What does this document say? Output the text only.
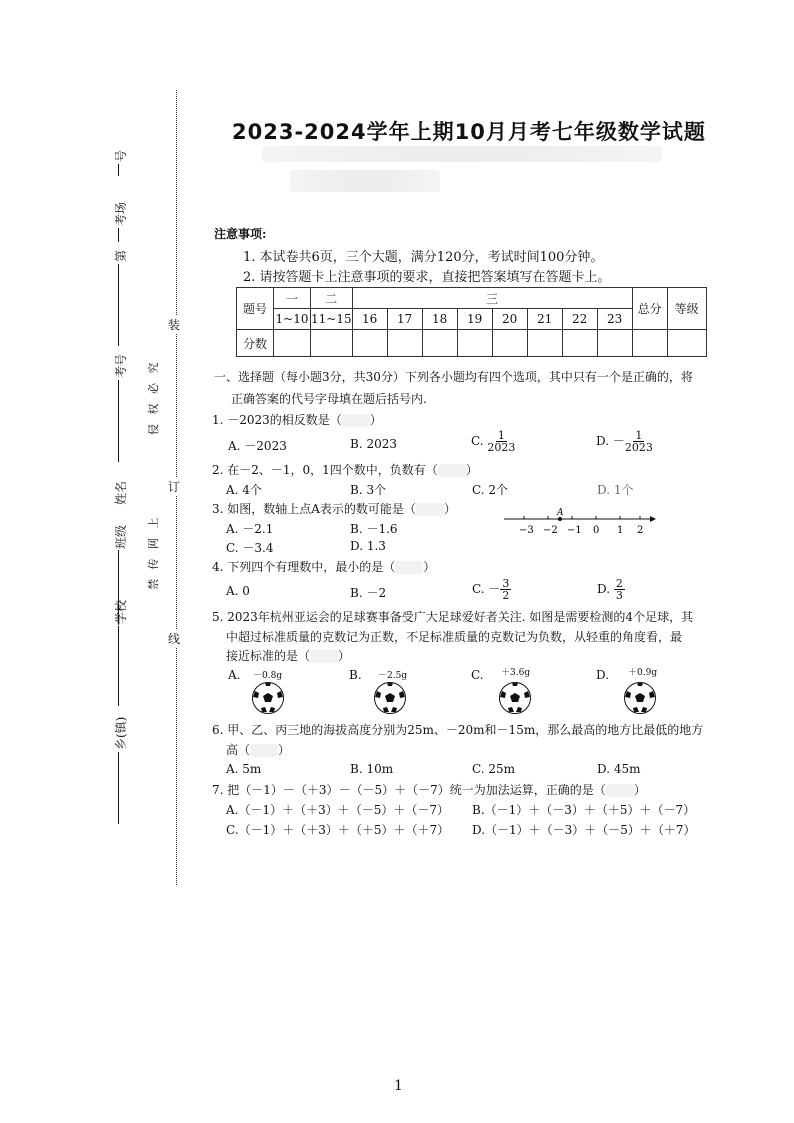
装
订
线
侵 权 必 究
禁 传 网 上
号
考场
第
考号
姓名
班级
学校
乡(镇)
2023-2024学年上期10月月考七年级数学试题
注意事项:
1. 本试卷共6页，三个大题，满分120分，考试时间100分钟。
2. 请按答题卡上注意事项的要求，直接把答案填写在答题卡上。
题号	一	二	三								总分	等级
	1~10	11~15	16	17	18	19	20	21	22	23		
分数												
一、选择题（每小题3分，共30分）下列各小题均有四个选项，其中只有一个是正确的，将
正确答案的代号字母填在题后括号内.
1. －2023的相反数是（ ）
A. －2023	B. 2023	C. $\frac{1}{2023}$	D. － $\frac{1}{2023}$
2. 在－2、－1，0，1四个数中，负数有（ ）
A. 4个	B. 3个	C. 2个	D. 1个
3. 如图，数轴上点A表示的数可能是（ ）
A. －2.1	B. －1.6
C. －3.4	D. 1.3
A
−3 −2 −1 0 1 2
4. 下列四个有理数中，最小的是（ ）
A. 0	B. －2	C. － $\frac{3}{2}$	D. $\frac{2}{3}$
5. 2023年杭州亚运会的足球赛事备受广大足球爱好者关注. 如图是需要检测的4个足球，其
中超过标准质量的克数记为正数，不足标准质量的克数记为负数，从轻重的角度看，最
接近标准的是（ ）
A. －0.8g	B. －2.5g	C. ＋3.6g	D. ＋0.9g
6. 甲、乙、丙三地的海拔高度分别为25m、－20m和－15m，那么最高的地方比最低的地方
高（ ）
A. 5m	B. 10m	C. 25m	D. 45m
7. 把（－1）－（＋3）－（－5）＋（－7）统一为加法运算，正确的是（ ）
A.（－1）＋（＋3）＋（－5）＋（－7） B.（－1）＋（－3）＋（＋5）＋（－7）
C.（－1）＋（＋3）＋（＋5）＋（＋7） D.（－1）＋（－3）＋（－5）＋（＋7）
1
